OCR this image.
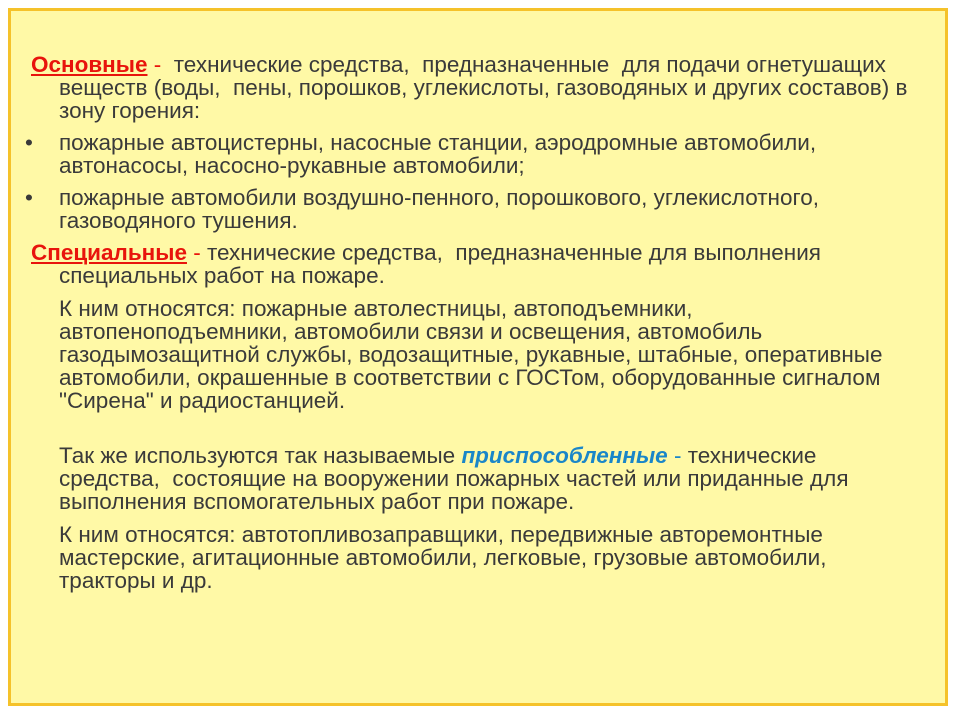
Основные -  технические средства,  предназначенные  для подачи огнетушащих веществ (воды,  пены, порошков, углекислоты, газоводяных и других составов) в зону горения:

•	пожарные автоцистерны, насосные станции, аэродромные автомобили, автонасосы, насосно-рукавные автомобили;

•	пожарные автомобили воздушно-пенного, порошкового, углекислотного, газоводяного тушения.

Специальные - технические средства,  предназначенные для выполнения специальных работ на пожаре.

К ним относятся: пожарные автолестницы, автоподъемники, автопеноподъемники, автомобили связи и освещения, автомобиль газодымозащитной службы, водозащитные, рукавные, штабные, оперативные автомобили, окрашенные в соответствии с ГОСТом, оборудованные сигналом "Сирена" и радиостанцией.

Так же используются так называемые приспособленные - технические средства,  состоящие на вооружении пожарных частей или приданные для выполнения вспомогательных работ при пожаре.

К ним относятся: автотопливозаправщики, передвижные авторемонтные мастерские, агитационные автомобили, легковые, грузовые автомобили, тракторы и др.
